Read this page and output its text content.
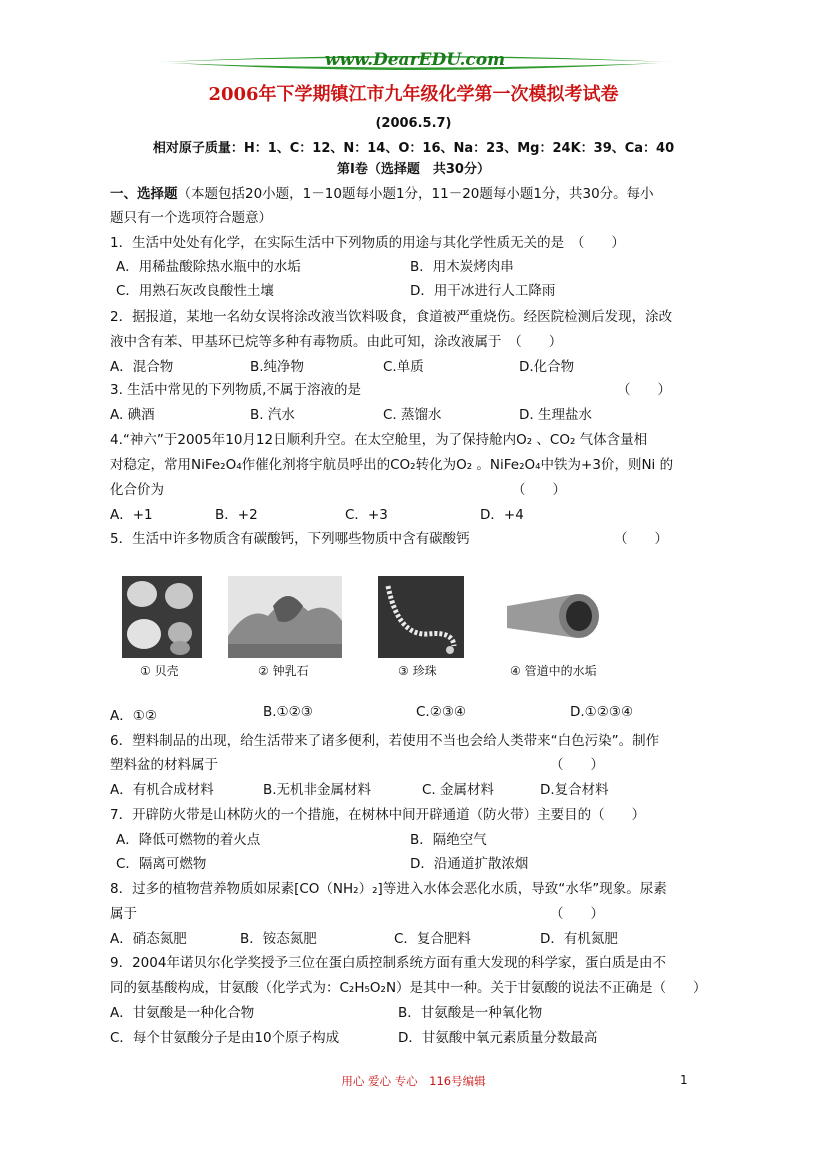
www.DearEDU.com
2006年下学期镇江市九年级化学第一次模拟考试卷
(2006.5.7)
相对原子质量：H：1、C：12、N：14、O：16、Na：23、Mg：24K：39、Ca：40
第Ⅰ卷（选择题　共30分）
一、选择题（本题包括20小题，1－10题每小题1分，11－20题每小题1分，共30分。每小
题只有一个选项符合题意）
1．生活中处处有化学，在实际生活中下列物质的用途与其化学性质无关的是　（　　）
A．用稀盐酸除热水瓶中的水垢	B．用木炭烤肉串
C．用熟石灰改良酸性土壤	D．用干冰进行人工降雨
2．据报道，某地一名幼女误将涂改液当饮料吸食，食道被严重烧伤。经医院检测后发现，涂改
液中含有苯、甲基环已烷等多种有毒物质。由此可知，涂改液属于　（　　）
A．混合物	B.纯净物	C.单质	D.化合物
3. 生活中常见的下列物质,不属于溶液的是	（　　）
A. 碘酒	B. 汽水	C. 蒸馏水	D. 生理盐水
4.“神六”于2005年10月12日顺利升空。在太空舱里，为了保持舱内O₂ 、CO₂ 气体含量相
对稳定，常用NiFe₂O₄作催化剂将宇航员呼出的CO₂转化为O₂ 。NiFe₂O₄中铁为+3价，则Ni 的
化合价为	（　　）
A．+1	B．+2	C．+3	D．+4
5．生活中许多物质含有碳酸钙，下列哪些物质中含有碳酸钙	（　　）
① 贝壳	② 钟乳石	③ 珍珠	④ 管道中的水垢
A．①②	B.①②③	C.②③④	D.①②③④
6．塑料制品的出现，给生活带来了诸多便利，若使用不当也会给人类带来“白色污染”。制作
塑料盆的材料属于	（　　）
A．有机合成材料	B.无机非金属材料	C. 金属材料	D.复合材料
7．开辟防火带是山林防火的一个措施，在树林中间开辟通道（防火带）主要目的（　　）
A．降低可燃物的着火点	B．隔绝空气
C．隔离可燃物	D．沿通道扩散浓烟
8．过多的植物营养物质如尿素[CO（NH₂）₂]等进入水体会恶化水质，导致“水华”现象。尿素
属于	（　　）
A．硝态氮肥	B．铵态氮肥	C．复合肥料	D．有机氮肥
9．2004年诺贝尔化学奖授予三位在蛋白质控制系统方面有重大发现的科学家，蛋白质是由不
同的氨基酸构成，甘氨酸（化学式为：C₂H₅O₂N）是其中一种。关于甘氨酸的说法不正确是（　　）
A．甘氨酸是一种化合物	B．甘氨酸是一种氧化物
C．每个甘氨酸分子是由10个原子构成	D．甘氨酸中氧元素质量分数最高
用心 爱心 专心　116号编辑	1
